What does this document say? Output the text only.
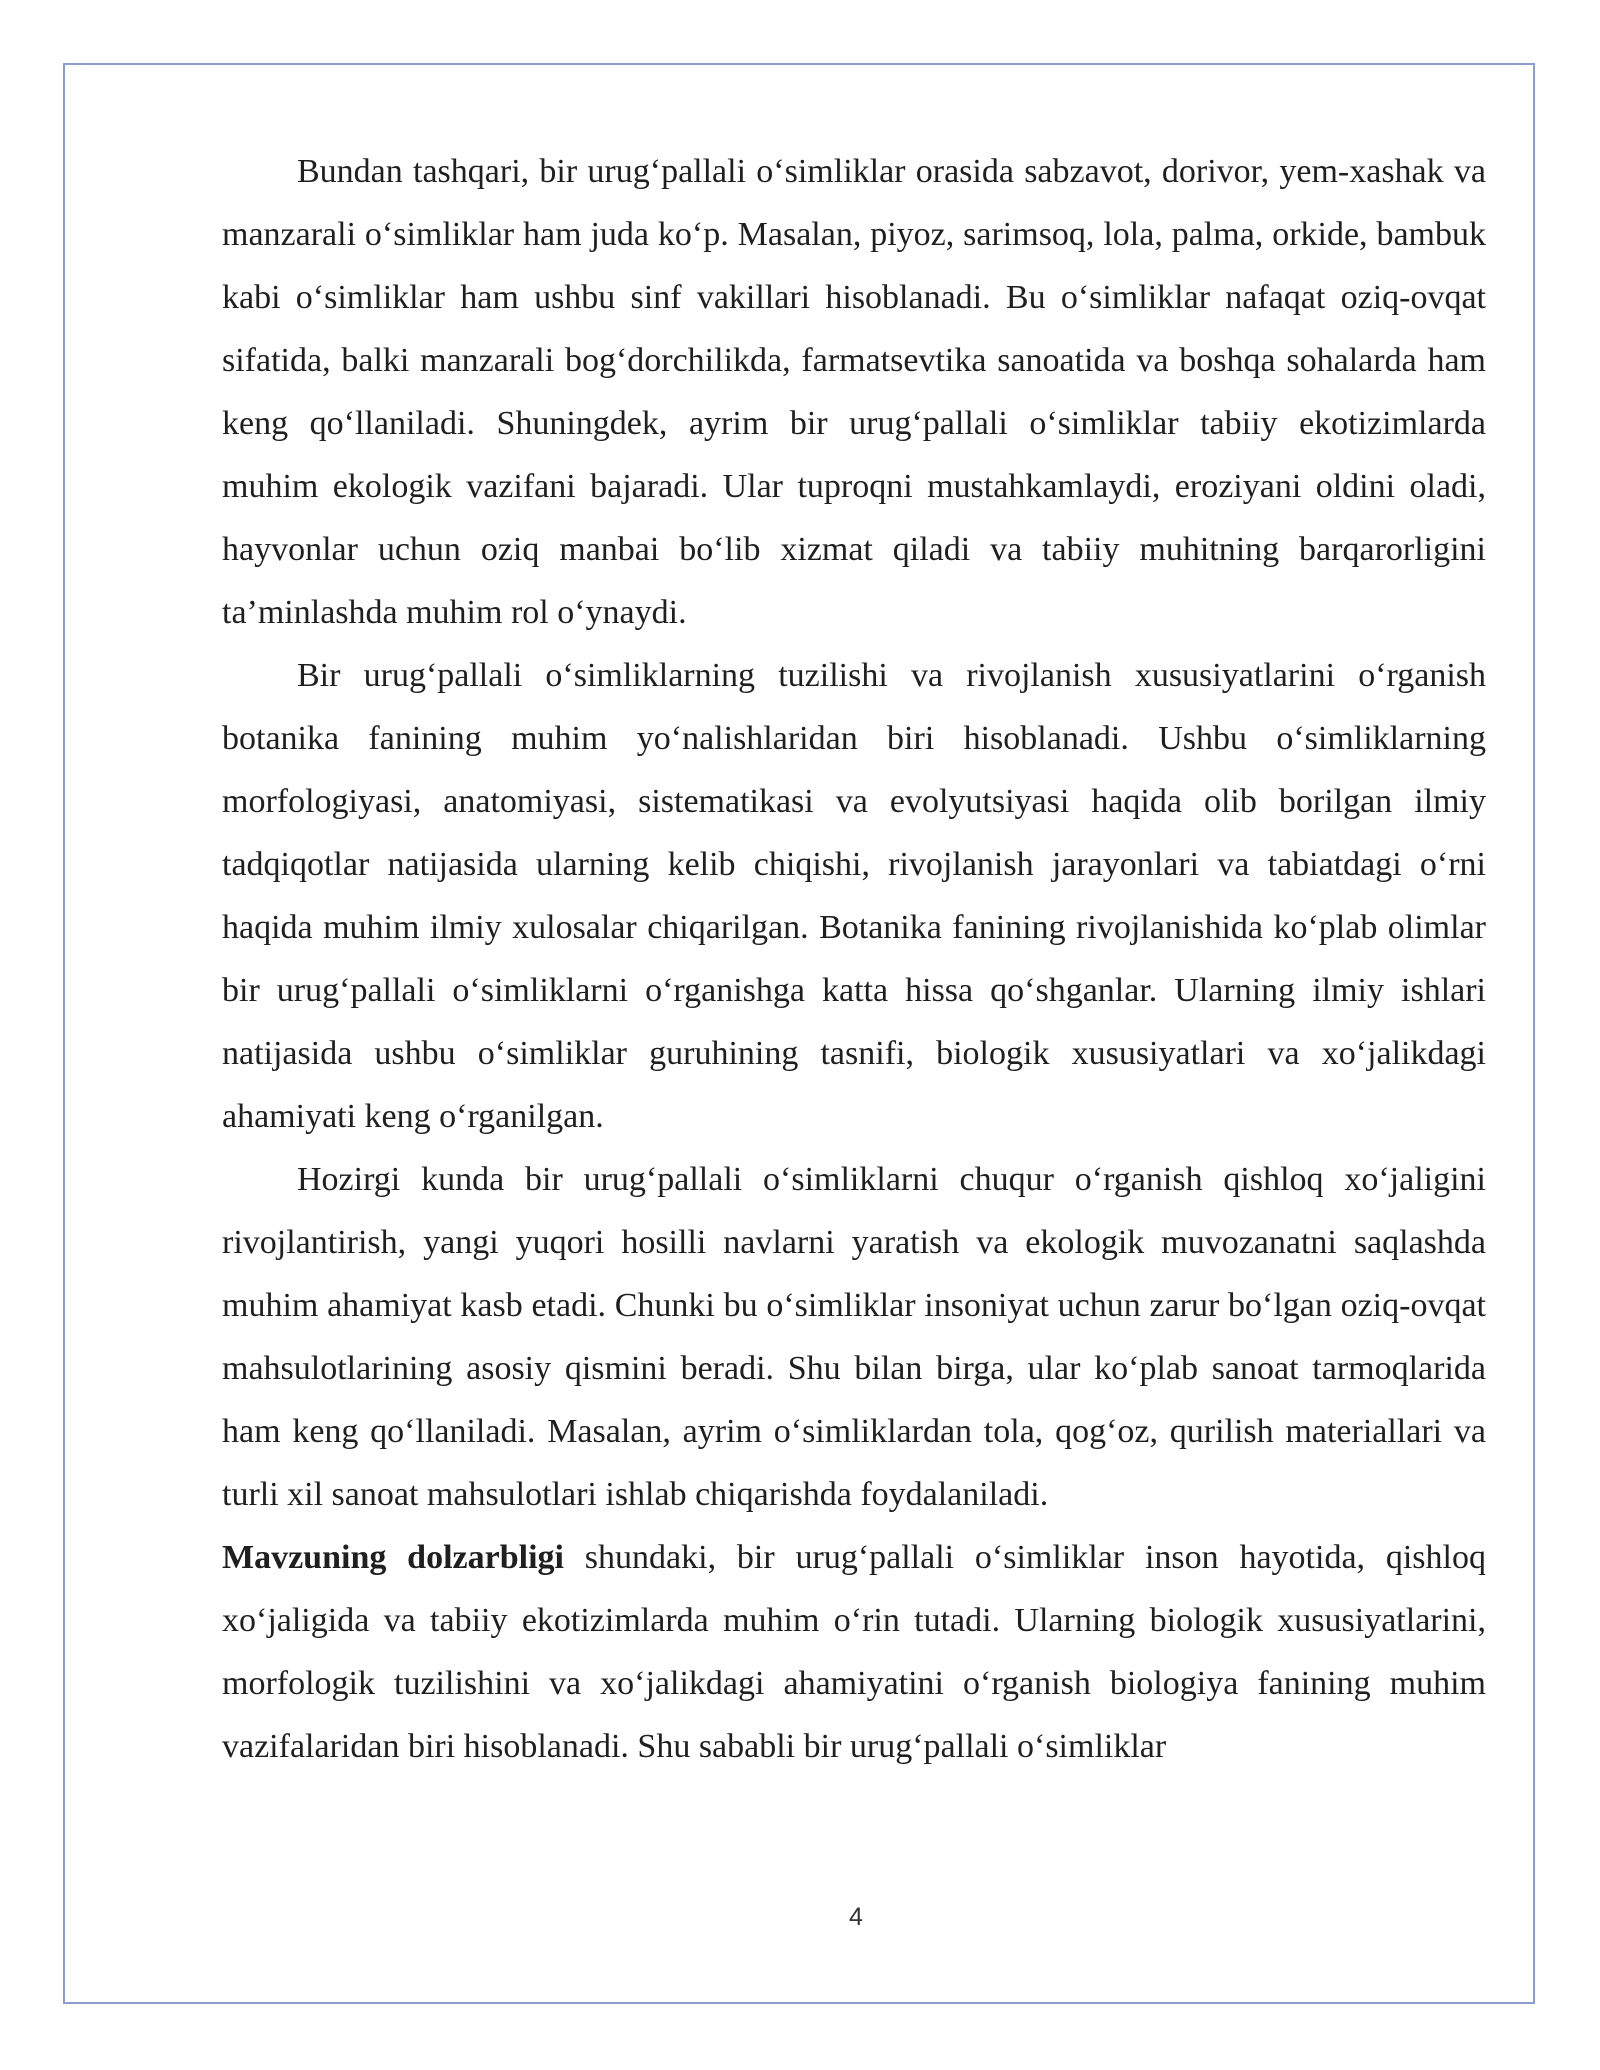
Bundan tashqari, bir urug‘pallali o‘simliklar orasida sabzavot, dorivor, yem-xashak va manzarali o‘simliklar ham juda ko‘p. Masalan, piyoz, sarimsoq, lola, palma, orkide, bambuk kabi o‘simliklar ham ushbu sinf vakillari hisoblanadi. Bu o‘simliklar nafaqat oziq-ovqat sifatida, balki manzarali bog‘dorchilikda, farmatsevtika sanoatida va boshqa sohalarda ham keng qo‘llaniladi. Shuningdek, ayrim bir urug‘pallali o‘simliklar tabiiy ekotizimlarda muhim ekologik vazifani bajaradi. Ular tuproqni mustahkamlaydi, eroziyani oldini oladi, hayvonlar uchun oziq manbai bo‘lib xizmat qiladi va tabiiy muhitning barqarorligini ta’minlashda muhim rol o‘ynaydi.

Bir urug‘pallali o‘simliklarning tuzilishi va rivojlanish xususiyatlarini o‘rganish botanika fanining muhim yo‘nalishlaridan biri hisoblanadi. Ushbu o‘simliklarning morfologiyasi, anatomiyasi, sistematikasi va evolyutsiyasi haqida olib borilgan ilmiy tadqiqotlar natijasida ularning kelib chiqishi, rivojlanish jarayonlari va tabiatdagi o‘rni haqida muhim ilmiy xulosalar chiqarilgan. Botanika fanining rivojlanishida ko‘plab olimlar bir urug‘pallali o‘simliklarni o‘rganishga katta hissa qo‘shganlar. Ularning ilmiy ishlari natijasida ushbu o‘simliklar guruhining tasnifi, biologik xususiyatlari va xo‘jalikdagi ahamiyati keng o‘rganilgan.

Hozirgi kunda bir urug‘pallali o‘simliklarni chuqur o‘rganish qishloq xo‘jaligini rivojlantirish, yangi yuqori hosilli navlarni yaratish va ekologik muvozanatni saqlashda muhim ahamiyat kasb etadi. Chunki bu o‘simliklar insoniyat uchun zarur bo‘lgan oziq-ovqat mahsulotlarining asosiy qismini beradi. Shu bilan birga, ular ko‘plab sanoat tarmoqlarida ham keng qo‘llaniladi. Masalan, ayrim o‘simliklardan tola, qog‘oz, qurilish materiallari va turli xil sanoat mahsulotlari ishlab chiqarishda foydalaniladi.

Mavzuning dolzarbligi shundaki, bir urug‘pallali o‘simliklar inson hayotida, qishloq xo‘jaligida va tabiiy ekotizimlarda muhim o‘rin tutadi. Ularning biologik xususiyatlarini, morfologik tuzilishini va xo‘jalikdagi ahamiyatini o‘rganish biologiya fanining muhim vazifalaridan biri hisoblanadi. Shu sababli bir urug‘pallali o‘simliklar

4
